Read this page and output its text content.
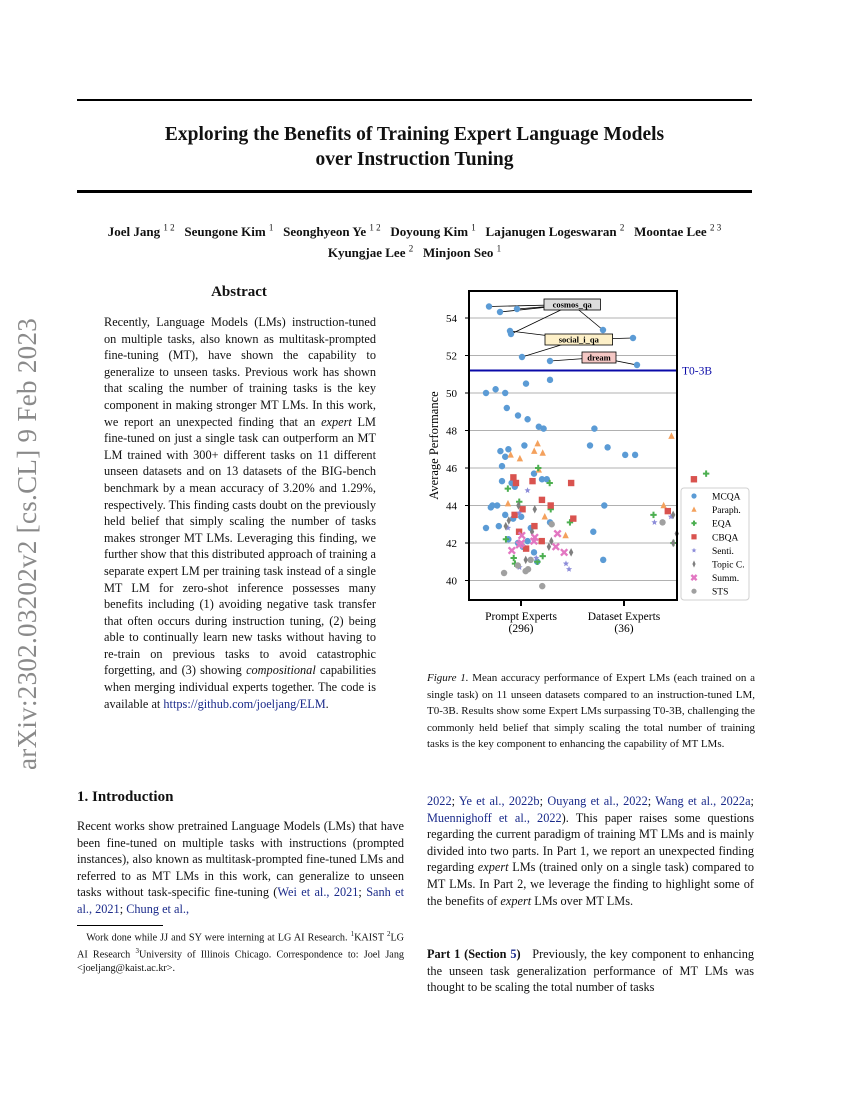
Exploring the Benefits of Training Expert Language Models
over Instruction Tuning
Joel Jang $^{1 2}$ Seungone Kim $^1$ Seonghyeon Ye $^{1 2}$ Doyoung Kim $^1$ Lajanugen Logeswaran $^2$ Moontae Lee $^{2 3}$
Kyungjae Lee $^2$ Minjoon Seo $^1$
arXiv:2302.03202v2 [cs.CL] 9 Feb 2023
Abstract
Recently, Language Models (LMs) instruction-tuned on multiple tasks, also known as multitask-prompted fine-tuning (MT), have shown the capability to generalize to unseen tasks. Previous work has shown that scaling the number of training tasks is the key component in making stronger MT LMs. In this work, we report an unexpected finding that an expert LM fine-tuned on just a single task can outperform an MT LM trained with 300+ different tasks on 11 different unseen datasets and on 13 datasets of the BIG-bench benchmark by a mean accuracy of 3.20% and 1.29%, respectively. This finding casts doubt on the previously held belief that simply scaling the number of tasks makes stronger MT LMs. Leveraging this finding, we further show that this distributed approach of training a separate expert LM per training task instead of a single MT LM for zero-shot inference possesses many benefits including (1) avoiding negative task transfer that often occurs during instruction tuning, (2) being able to continually learn new tasks without having to re-train on previous tasks to avoid catastrophic forgetting, and (3) showing compositional capabilities when merging individual experts together. The code is available at https://github.com/joeljang/ELM.
40
42
44
46
48
50
52
54
Average Performance
T0-3B
cosmos_qa
social_i_qa
dream
Prompt Experts
(296)
Dataset Experts
(36)
MCQA
Paraph.
EQA
CBQA
Senti.
Topic C.
Summ.
STS
Figure 1. Mean accuracy performance of Expert LMs (each trained on a single task) on 11 unseen datasets compared to an instruction-tuned LM, T0-3B. Results show some Expert LMs surpassing T0-3B, challenging the commonly held belief that simply scaling the total number of training tasks is the key component to enhancing the capability of MT LMs.
1. Introduction
Recent works show pretrained Language Models (LMs) that have been fine-tuned on multiple tasks with instructions (prompted instances), also known as multitask-prompted fine-tuned LMs and referred to as MT LMs in this work, can generalize to unseen tasks without task-specific fine-tuning (Wei et al., 2021; Sanh et al., 2021; Chung et al.,
Work done while JJ and SY were interning at LG AI Research. $^1$KAIST $^2$LG AI Research $^3$University of Illinois Chicago. Correspondence to: Joel Jang <joeljang@kaist.ac.kr>.
2022; Ye et al., 2022b; Ouyang et al., 2022; Wang et al., 2022a; Muennighoff et al., 2022). This paper raises some questions regarding the current paradigm of training MT LMs and is mainly divided into two parts. In Part 1, we report an unexpected finding regarding expert LMs (trained only on a single task) compared to MT LMs. In Part 2, we leverage the finding to highlight some of the benefits of expert LMs over MT LMs.
Part 1 (Section 5) Previously, the key component to enhancing the unseen task generalization performance of MT LMs was thought to be scaling the total number of tasks
